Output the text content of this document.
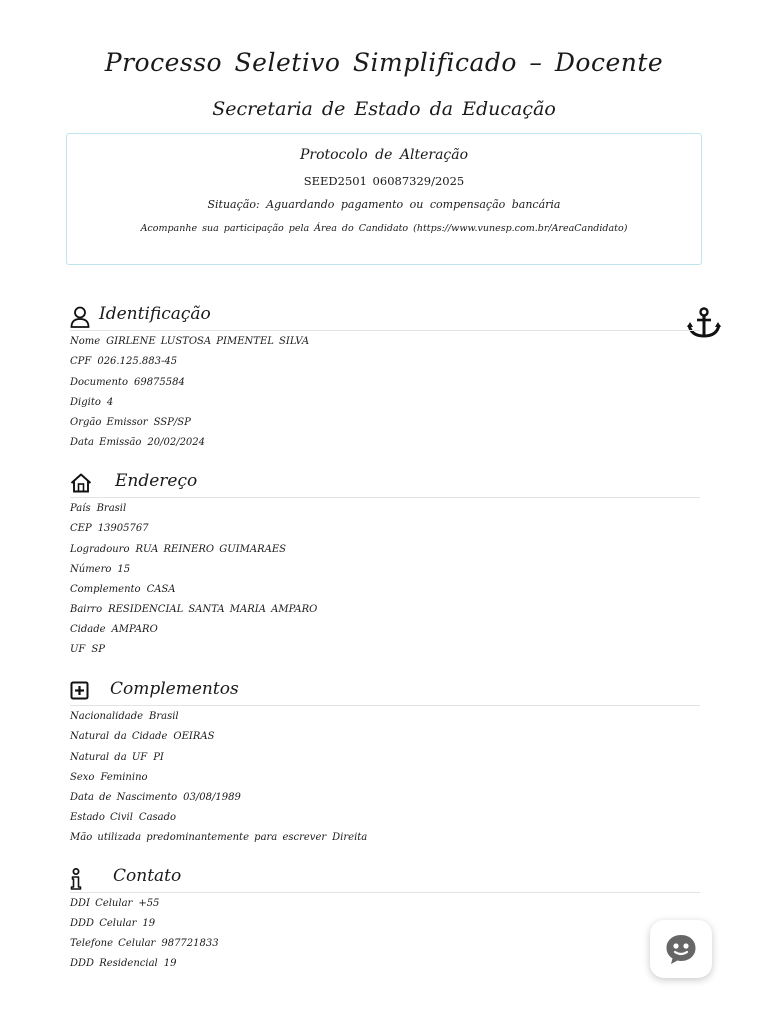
Processo Seletivo Simplificado – Docente
Secretaria de Estado da Educação
Protocolo de Alteração
SEED2501 06087329/2025
Situação: Aguardando pagamento ou compensação bancária
Acompanhe sua participação pela Área do Candidato (https://www.vunesp.com.br/AreaCandidato)
Identificação
Nome GIRLENE LUSTOSA PIMENTEL SILVA
CPF 026.125.883-45
Documento 69875584
Digito 4
Orgão Emissor SSP/SP
Data Emissão 20/02/2024
Endereço
País Brasil
CEP 13905767
Logradouro RUA REINERO GUIMARAES
Número 15
Complemento CASA
Bairro RESIDENCIAL SANTA MARIA AMPARO
Cidade AMPARO
UF SP
Complementos
Nacionalidade Brasil
Natural da Cidade OEIRAS
Natural da UF PI
Sexo Feminino
Data de Nascimento 03/08/1989
Estado Civil Casado
Mão utilizada predominantemente para escrever Direita
Contato
DDI Celular +55
DDD Celular 19
Telefone Celular 987721833
DDD Residencial 19
